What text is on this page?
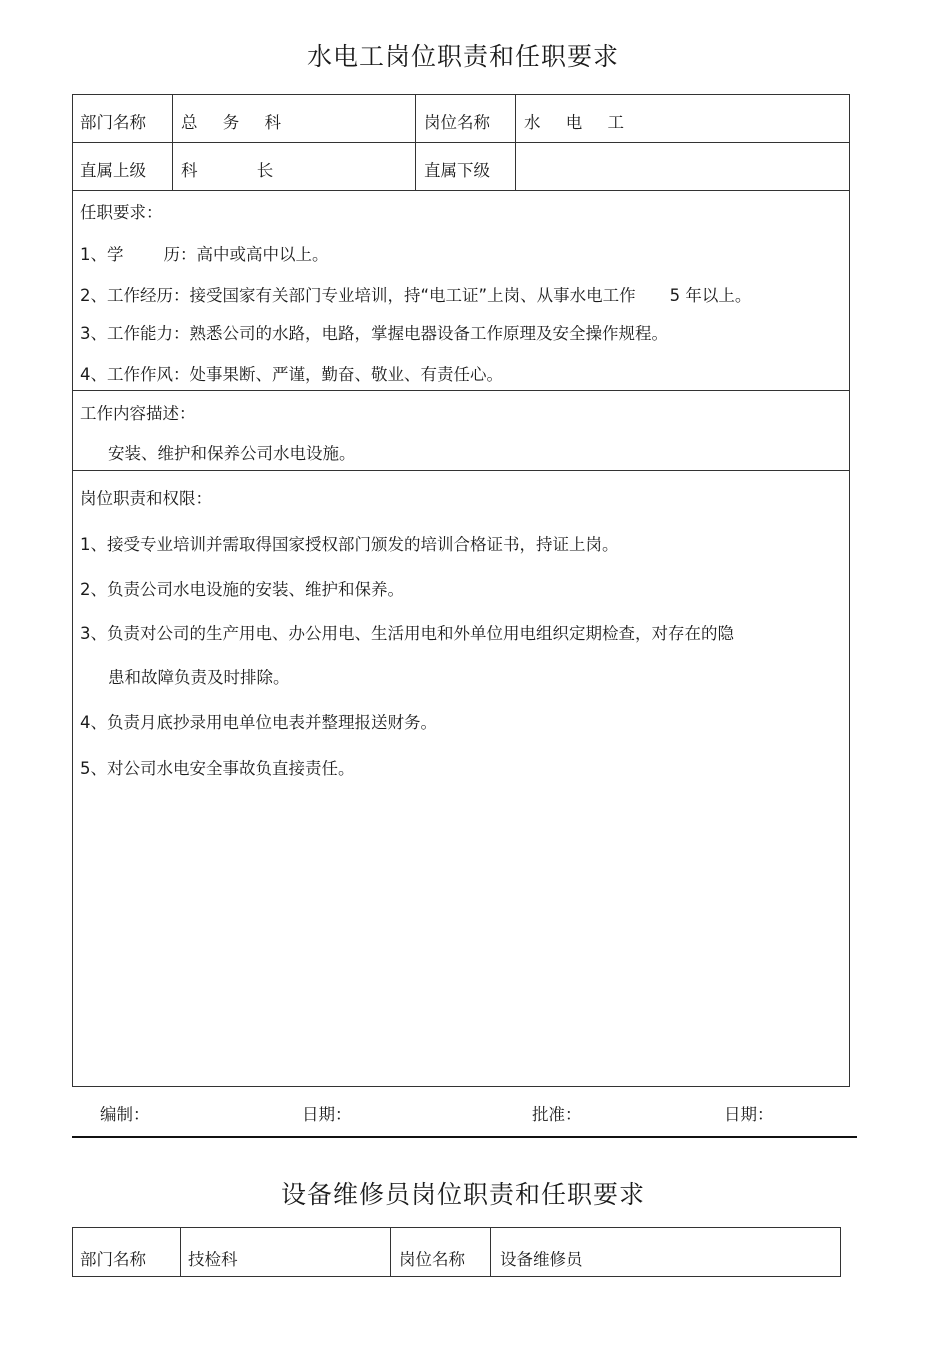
水电工岗位职责和任职要求
部门名称 总 务 科	岗位名称 水 电 工
直属上级 科 长	直属下级
任职要求：
1、学 历：高中或高中以上。
2、工作经历：接受国家有关部门专业培训，持“电工证”上岗、从事水电工作 5 年以上。
3、工作能力：熟悉公司的水路，电路，掌握电器设备工作原理及安全操作规程。
4、工作作风：处事果断、严谨，勤奋、敬业、有责任心。
工作内容描述：
安装、维护和保养公司水电设施。
岗位职责和权限：
1、接受专业培训并需取得国家授权部门颁发的培训合格证书，持证上岗。
2、负责公司水电设施的安装、维护和保养。
3、负责对公司的生产用电、办公用电、生活用电和外单位用电组织定期检查，对存在的隐
患和故障负责及时排除。
4、负责月底抄录用电单位电表并整理报送财务。
5、对公司水电安全事故负直接责任。
编制：	日期：	批准：	日期：
设备维修员岗位职责和任职要求
部门名称	技检科	岗位名称 设备维修员
